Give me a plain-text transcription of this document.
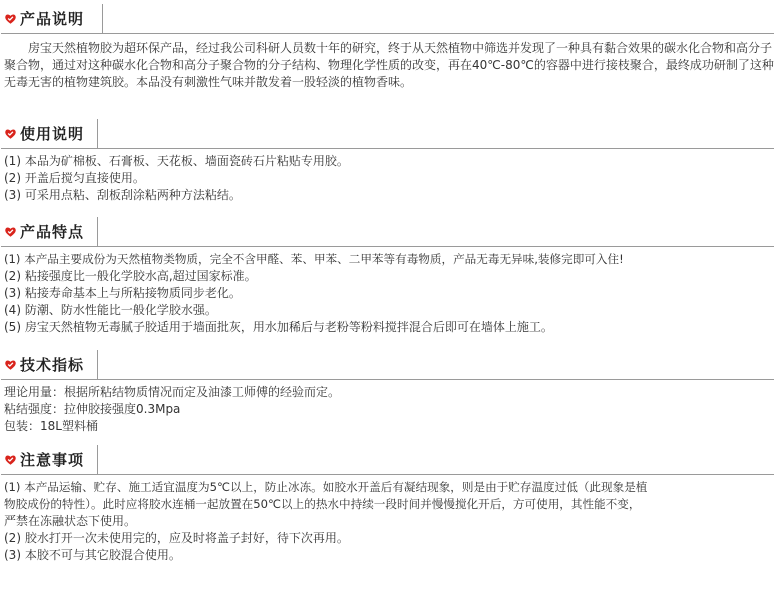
产品说明
房宝天然植物胶为超环保产品，经过我公司科研人员数十年的研究，终于从天然植物中筛选并发现了一种具有黏合效果的碳水化合物和高分子聚合物，通过对这种碳水化合物和高分子聚合物的分子结构、物理化学性质的改变，再在40℃-80℃的容器中进行接枝聚合，最终成功研制了这种无毒无害的植物建筑胶。本品没有刺激性气味并散发着一股轻淡的植物香味。
使用说明
(1) 本品为矿棉板、石膏板、天花板、墙面瓷砖石片粘贴专用胶。
(2) 开盖后搅匀直接使用。
(3) 可采用点粘、刮板刮涂粘两种方法粘结。
产品特点
(1) 本产品主要成份为天然植物类物质，完全不含甲醛、苯、甲苯、二甲苯等有毒物质，产品无毒无异味,装修完即可入住!
(2) 粘接强度比一般化学胶水高,超过国家标准。
(3) 粘接寿命基本上与所粘接物质同步老化。
(4) 防潮、防水性能比一般化学胶水强。
(5) 房宝天然植物无毒腻子胶适用于墙面批灰，用水加稀后与老粉等粉料搅拌混合后即可在墙体上施工。
技术指标
理论用量：根据所粘结物质情况而定及油漆工师傅的经验而定。
粘结强度：拉伸胶接强度0.3Mpa
包装：18L塑料桶
注意事项
(1) 本产品运输、贮存、施工适宜温度为5℃以上，防止冰冻。如胶水开盖后有凝结现象，则是由于贮存温度过低（此现象是植
物胶成份的特性）。此时应将胶水连桶一起放置在50℃以上的热水中持续一段时间并慢慢搅化开后，方可使用，其性能不变，
严禁在冻融状态下使用。
(2) 胶水打开一次未使用完的，应及时将盖子封好，待下次再用。
(3) 本胶不可与其它胶混合使用。
